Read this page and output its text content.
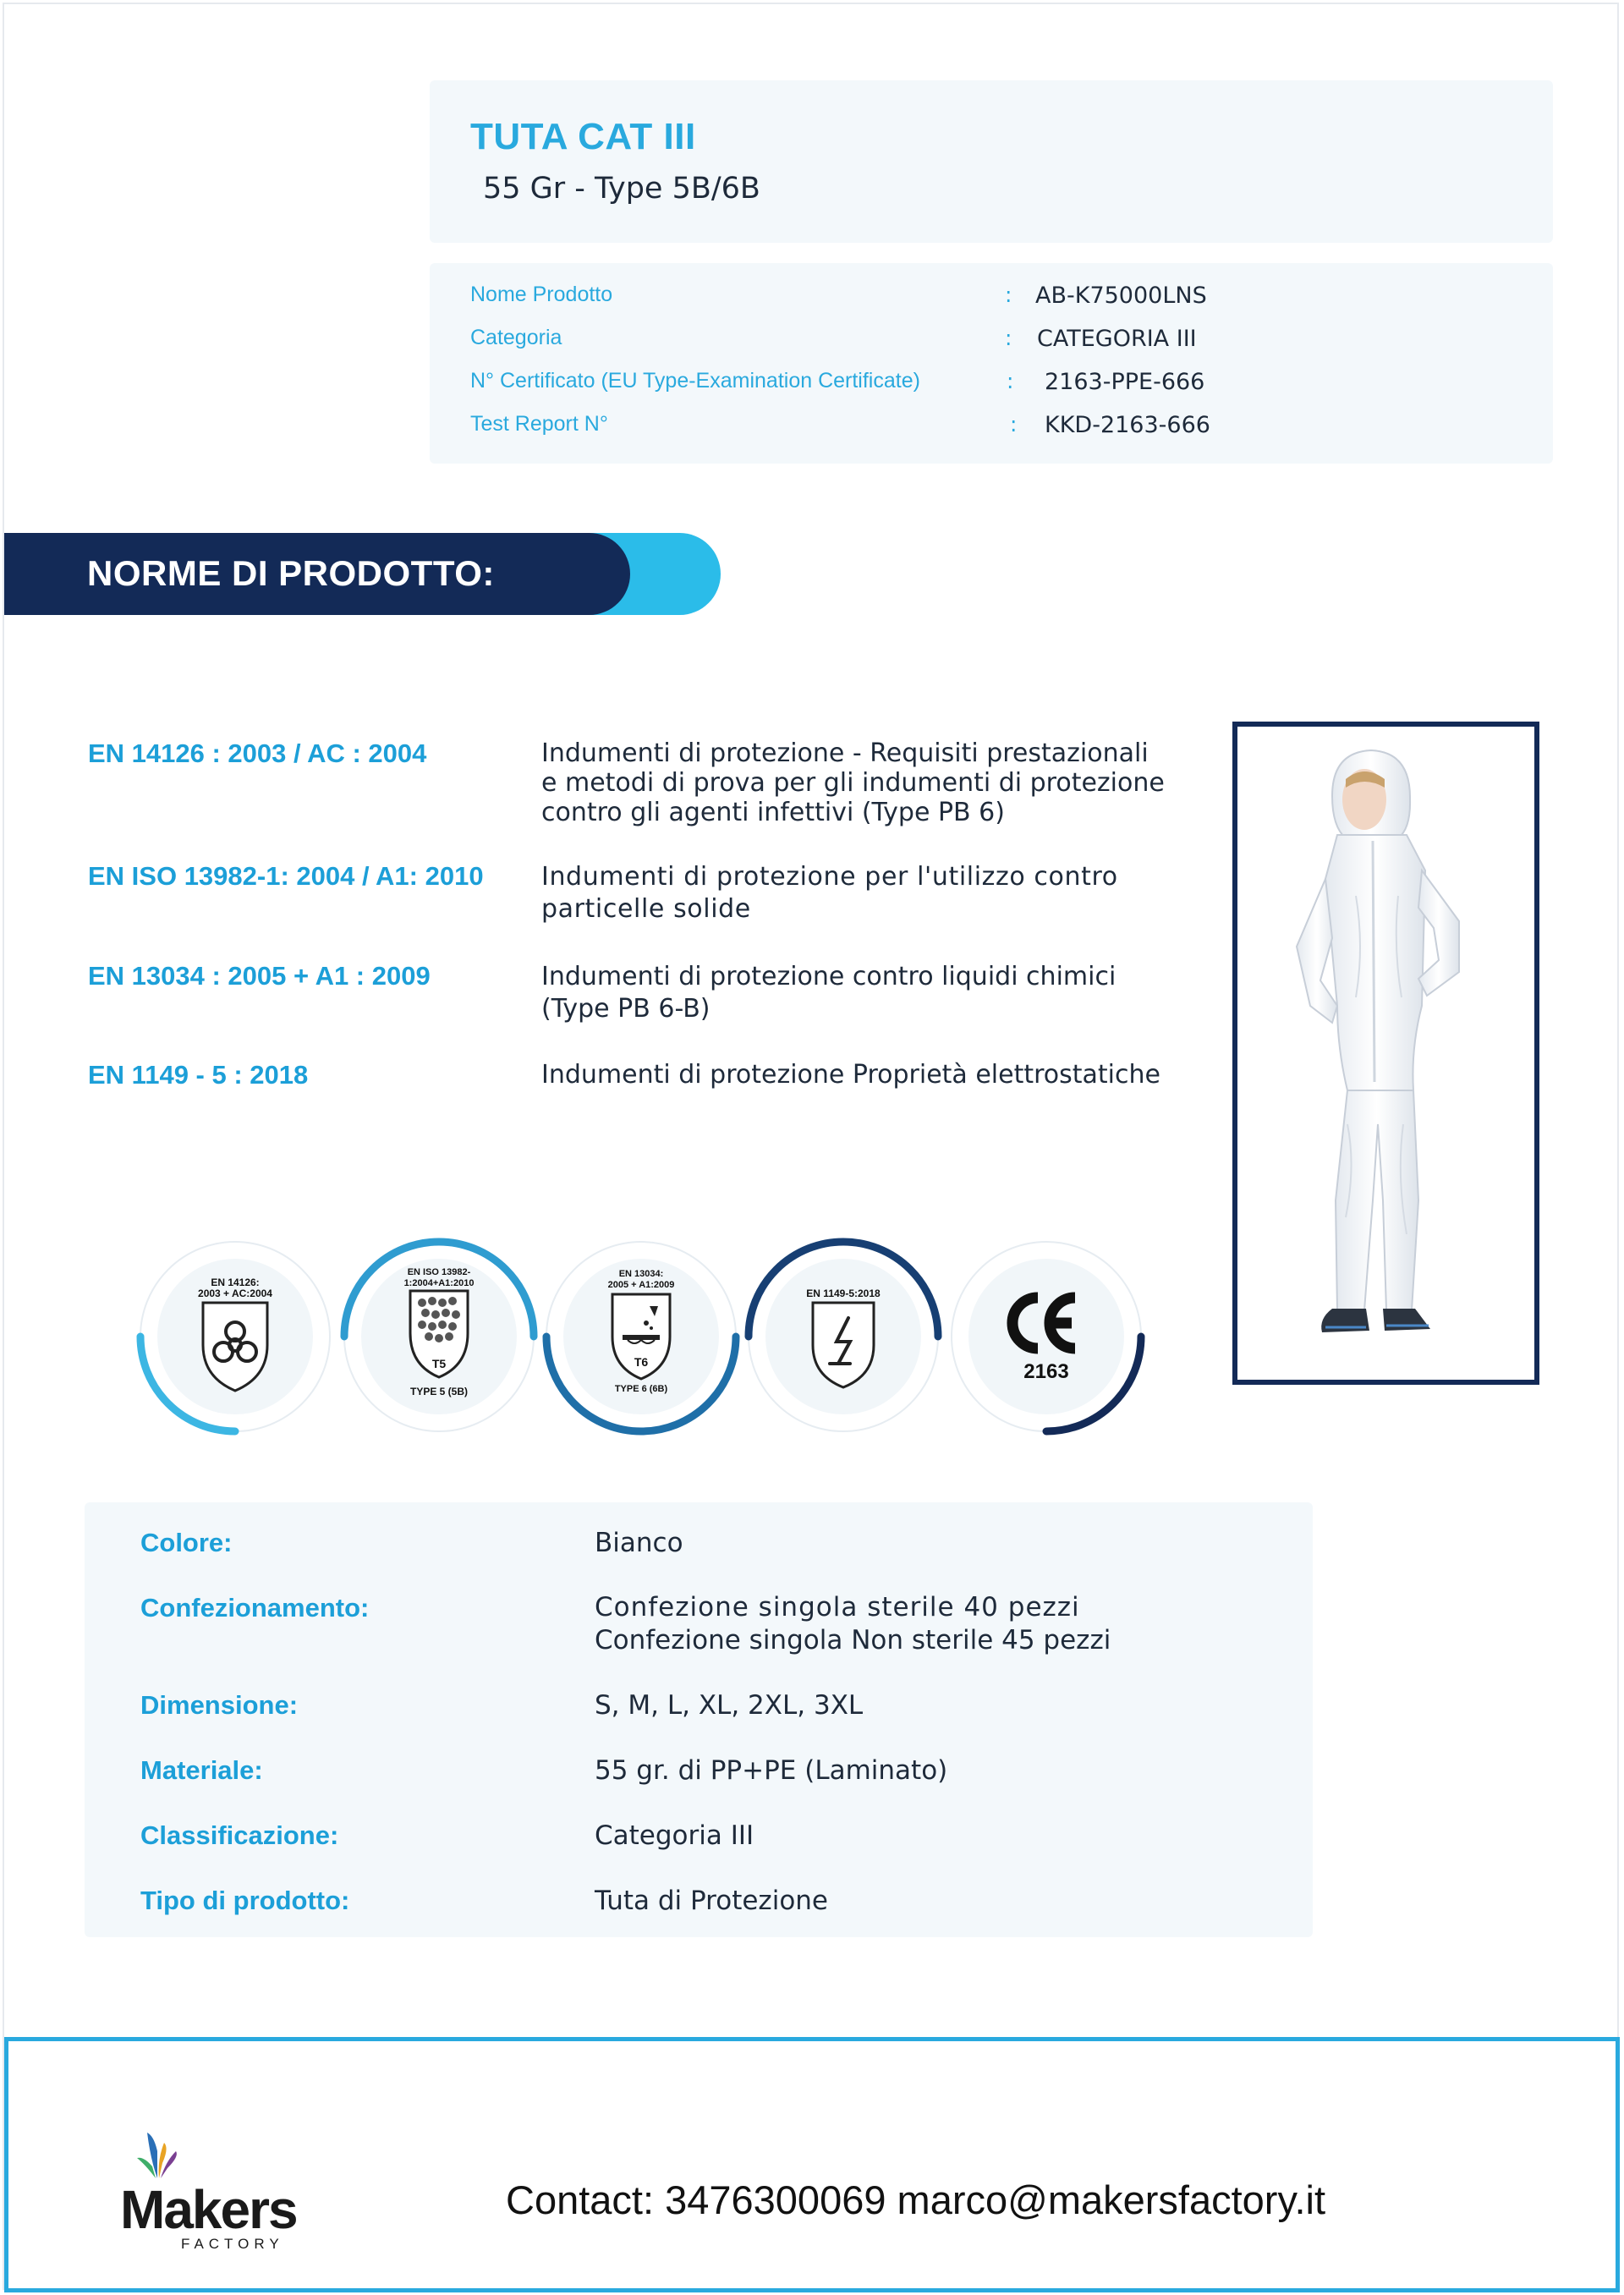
TUTA CAT III

55 Gr - Type 5B/6B

Nome Prodotto	: AB-K75000LNS
Categoria	: CATEGORIA III
N° Certificato (EU Type-Examination Certificate)	: 2163-PPE-666
Test Report N°	: KKD-2163-666
NORME DI PRODOTTO:
EN 14126 : 2003 / AC : 2004	Indumenti di protezione - Requisiti prestazionali e metodi di prova per gli indumenti di protezione contro gli agenti infettivi (Type PB 6)
EN ISO 13982-1: 2004 / A1: 2010 Indumenti di protezione per l'utilizzo contro particelle solide
EN 13034 : 2005 + A1 : 2009	Indumenti di protezione contro liquidi chimici (Type PB 6-B)
EN 1149 - 5 : 2018	Indumenti di protezione Proprietà elettrostatiche
EN 14126:
2003 + AC:2004
EN ISO 13982-
1:2004+A1:2010
T5
TYPE 5 (5B)
EN 13034:
2005 + A1:2009
T6
TYPE 6 (6B)
EN 1149-5:2018
2163
Colore:	Bianco
Confezionamento:	Confezione singola sterile 40 pezzi
Confezione singola Non sterile 45 pezzi
Dimensione:	S, M, L, XL, 2XL, 3XL
Materiale:	55 gr. di PP+PE (Laminato)
Classificazione:	Categoria III
Tipo di prodotto:	Tuta di Protezione

Makers

FACTORY

Contact: 3476300069 marco@makersfactory.it
